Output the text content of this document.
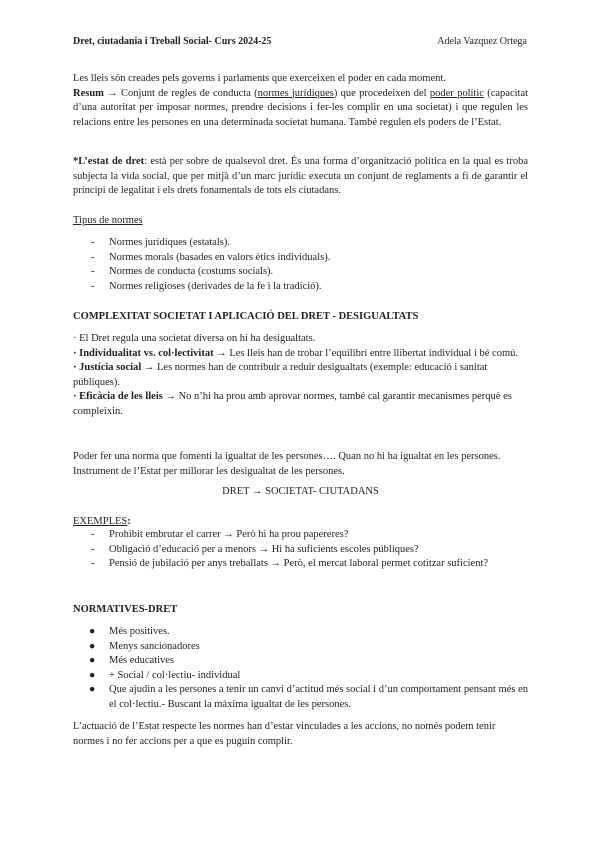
Dret, ciutadania i Treball Social- Curs 2024-25	Adela Vazquez Ortega

Les lleis són creades pels governs i parlaments que exerceixen el poder en cada moment.

Resum → Conjunt de regles de conducta (normes jurídiques) que procedeixen del poder polític (capacitat d’una autoritat per imposar normes, prendre decisions i fer-les complir en una societat) i que regulen les relacions entre les persones en una determinada societat humana. També regulen els poders de l’Estat.

*L’estat de dret: està per sobre de qualsevol dret. És una forma d’organització política en la qual es troba subjecta la vida social, que per mitjà d’un marc jurídic executa un conjunt de reglaments a fi de garantir el principi de legalitat i els drets fonamentals de tots els ciutadans.
Tipus de normes
- Normes jurídiques (estatals).
- Normes morals (basades en valors ètics individuals).
- Normes de conducta (costums socials).
- Normes religioses (derivades de la fe i la tradició).
COMPLEXITAT SOCIETAT I APLICACIÓ DEL DRET - DESIGUALTATS

· El Dret regula una societat diversa on hi ha desigualtats.

· Individualitat vs. col·lectivitat → Les lleis han de trobar l’equilibri entre llibertat individual i bé comú.

· Justícia social → Les normes han de contribuir a reduir desigualtats (exemple: educació i sanitat públiques).

· Eficàcia de les lleis → No n’hi ha prou amb aprovar normes, també cal garantir mecanismes perquè es compleixin.

Poder fer una norma que fomenti la igualtat de les persones…. Quan no hi ha igualtat en les persones. Instrument de l’Estat per millorar les desigualtat de les persones.
DRET → SOCIETAT- CIUTADANS
EXEMPLES:
- Prohibit embrutar el carrer → Però hi ha prou papereres?
- Obligació d’educació per a menors → Hi ha suficients escoles públiques?
- Pensió de jubilació per anys treballats → Però, el mercat laboral permet cotitzar suficient?
NORMATIVES-DRET
● Més positives.
● Menys sancionadores
● Més educatives
● + Social / col·lectiu- individual
● Que ajudin a les persones a tenir un canvi d’actitud més social i d’un comportament pensant més en el col·lectiu.- Buscant la màxima igualtat de les persones.
L’actuació de l’Estat respecte les normes han d’estar vinculades a les accions, no només podem tenir normes i no fer accions per a que es puguin complir.
